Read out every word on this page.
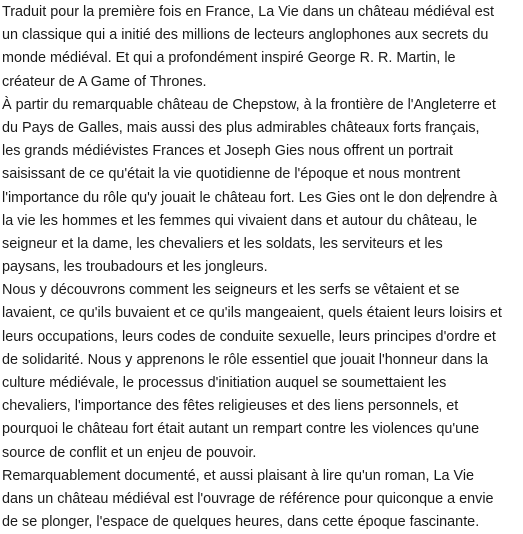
Traduit pour la première fois en France, La Vie dans un château médiéval est
un classique qui a initié des millions de lecteurs anglophones aux secrets du
monde médiéval. Et qui a profondément inspiré George R. R. Martin, le
créateur de A Game of Thrones.
À partir du remarquable château de Chepstow, à la frontière de l'Angleterre et
du Pays de Galles, mais aussi des plus admirables châteaux forts français,
les grands médiévistes Frances et Joseph Gies nous offrent un portrait
saisissant de ce qu'était la vie quotidienne de l'époque et nous montrent
l'importance du rôle qu'y jouait le château fort. Les Gies ont le don derendre à
la vie les hommes et les femmes qui vivaient dans et autour du château, le
seigneur et la dame, les chevaliers et les soldats, les serviteurs et les
paysans, les troubadours et les jongleurs.
Nous y découvrons comment les seigneurs et les serfs se vêtaient et se
lavaient, ce qu'ils buvaient et ce qu'ils mangeaient, quels étaient leurs loisirs et
leurs occupations, leurs codes de conduite sexuelle, leurs principes d'ordre et
de solidarité. Nous y apprenons le rôle essentiel que jouait l'honneur dans la
culture médiévale, le processus d'initiation auquel se soumettaient les
chevaliers, l'importance des fêtes religieuses et des liens personnels, et
pourquoi le château fort était autant un rempart contre les violences qu'une
source de conflit et un enjeu de pouvoir.
Remarquablement documenté, et aussi plaisant à lire qu'un roman, La Vie
dans un château médiéval est l'ouvrage de référence pour quiconque a envie
de se plonger, l'espace de quelques heures, dans cette époque fascinante.
